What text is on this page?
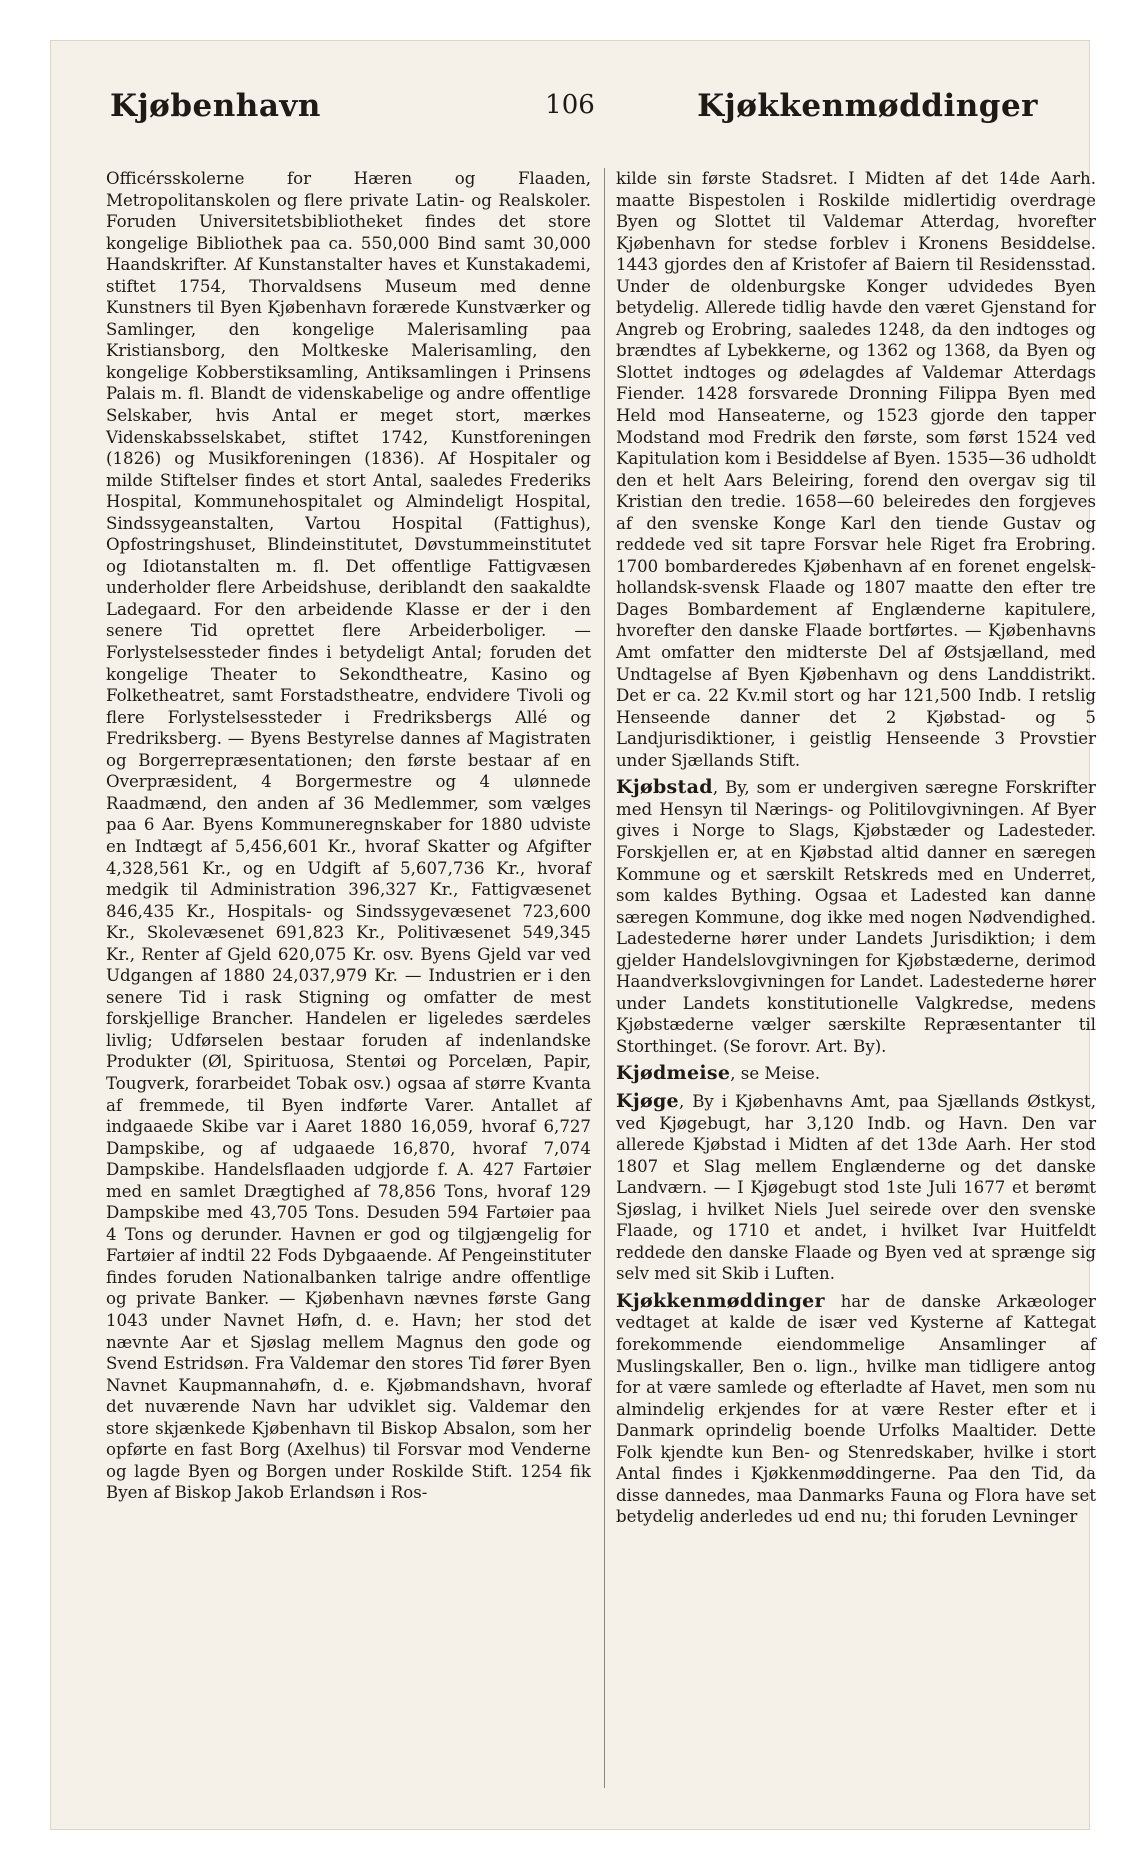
Kjøbenhavn	106	Kjøkkenmøddinger

Officérsskolerne for Hæren og Flaaden, Metropolitanskolen og flere private Latin- og Realskoler. Foruden Universitetsbibliotheket findes det store kongelige Bibliothek paa ca. 550,000 Bind samt 30,000 Haandskrifter. Af Kunstanstalter haves et Kunstakademi, stiftet 1754, Thorvaldsens Museum med denne Kunstners til Byen Kjøbenhavn forærede Kunstværker og Samlinger, den kongelige Malerisamling paa Kristiansborg, den Moltkeske Malerisamling, den kongelige Kobberstiksamling, Antiksamlingen i Prinsens Palais m. fl. Blandt de videnskabelige og andre offentlige Selskaber, hvis Antal er meget stort, mærkes Videnskabsselskabet, stiftet 1742, Kunstforeningen (1826) og Musikforeningen (1836). Af Hospitaler og milde Stiftelser findes et stort Antal, saaledes Frederiks Hospital, Kommunehospitalet og Almindeligt Hospital, Sindssygeanstalten, Vartou Hospital (Fattighus), Opfostringshuset, Blindeinstitutet, Døvstummeinstitutet og Idiotanstalten m. fl. Det offentlige Fattigvæsen underholder flere Arbeidshuse, deriblandt den saakaldte Ladegaard. For den arbeidende Klasse er der i den senere Tid oprettet flere Arbeiderboliger. — Forlystelsessteder findes i betydeligt Antal; foruden det kongelige Theater to Sekondtheatre, Kasino og Folketheatret, samt Forstadstheatre, endvidere Tivoli og flere Forlystelsessteder i Fredriksbergs Allé og Fredriksberg. — Byens Bestyrelse dannes af Magistraten og Borgerrepræsentationen; den første bestaar af en Overpræsident, 4 Borgermestre og 4 ulønnede Raadmænd, den anden af 36 Medlemmer, som vælges paa 6 Aar. Byens Kommuneregnskaber for 1880 udviste en Indtægt af 5,456,601 Kr., hvoraf Skatter og Afgifter 4,328,561 Kr., og en Udgift af 5,607,736 Kr., hvoraf medgik til Administration 396,327 Kr., Fattigvæsenet 846,435 Kr., Hospitals- og Sindssygevæsenet 723,600 Kr., Skolevæsenet 691,823 Kr., Politivæsenet 549,345 Kr., Renter af Gjeld 620,075 Kr. osv. Byens Gjeld var ved Udgangen af 1880 24,037,979 Kr. — Industrien er i den senere Tid i rask Stigning og omfatter de mest forskjellige Brancher. Handelen er ligeledes særdeles livlig; Udførselen bestaar foruden af indenlandske Produkter (Øl, Spirituosa, Stentøi og Porcelæn, Papir, Tougverk, forarbeidet Tobak osv.) ogsaa af større Kvanta af fremmede, til Byen indførte Varer. Antallet af indgaaede Skibe var i Aaret 1880 16,059, hvoraf 6,727 Dampskibe, og af udgaaede 16,870, hvoraf 7,074 Dampskibe. Handelsflaaden udgjorde f. A. 427 Fartøier med en samlet Drægtighed af 78,856 Tons, hvoraf 129 Dampskibe med 43,705 Tons. Desuden 594 Fartøier paa 4 Tons og derunder. Havnen er god og tilgjængelig for Fartøier af indtil 22 Fods Dybgaaende. Af Pengeinstituter findes foruden Nationalbanken talrige andre offentlige og private Banker. — Kjøbenhavn nævnes første Gang 1043 under Navnet Høfn, d. e. Havn; her stod det nævnte Aar et Sjøslag mellem Magnus den gode og Svend Estridsøn. Fra Valdemar den stores Tid fører Byen Navnet Kaupmannahøfn, d. e. Kjøbmandshavn, hvoraf det nuværende Navn har udviklet sig. Valdemar den store skjænkede Kjøbenhavn til Biskop Absalon, som her opførte en fast Borg (Axelhus) til Forsvar mod Venderne og lagde Byen og Borgen under Roskilde Stift. 1254 fik Byen af Biskop Jakob Erlandsøn i Ros-

kilde sin første Stadsret. I Midten af det 14de Aarh. maatte Bispestolen i Roskilde midlertidig overdrage Byen og Slottet til Valdemar Atterdag, hvorefter Kjøbenhavn for stedse forblev i Kronens Besiddelse. 1443 gjordes den af Kristofer af Baiern til Residensstad. Under de oldenburgske Konger udvidedes Byen betydelig. Allerede tidlig havde den været Gjenstand for Angreb og Erobring, saaledes 1248, da den indtoges og brændtes af Lybekkerne, og 1362 og 1368, da Byen og Slottet indtoges og ødelagdes af Valdemar Atterdags Fiender. 1428 forsvarede Dronning Filippa Byen med Held mod Hanseaterne, og 1523 gjorde den tapper Modstand mod Fredrik den første, som først 1524 ved Kapitulation kom i Besiddelse af Byen. 1535—36 udholdt den et helt Aars Beleiring, forend den overgav sig til Kristian den tredie. 1658—60 beleiredes den forgjeves af den svenske Konge Karl den tiende Gustav og reddede ved sit tapre Forsvar hele Riget fra Erobring. 1700 bombarderedes Kjøbenhavn af en forenet engelsk-hollandsk-svensk Flaade og 1807 maatte den efter tre Dages Bombardement af Englænderne kapitulere, hvorefter den danske Flaade bortførtes. — Kjøbenhavns Amt omfatter den midterste Del af Østsjælland, med Undtagelse af Byen Kjøbenhavn og dens Landdistrikt. Det er ca. 22 Kv.mil stort og har 121,500 Indb. I retslig Henseende danner det 2 Kjøbstad- og 5 Landjurisdiktioner, i geistlig Henseende 3 Provstier under Sjællands Stift.

Kjøbstad, By, som er undergiven særegne Forskrifter med Hensyn til Nærings- og Politilovgivningen. Af Byer gives i Norge to Slags, Kjøbstæder og Ladesteder. Forskjellen er, at en Kjøbstad altid danner en særegen Kommune og et særskilt Retskreds med en Underret, som kaldes Bything. Ogsaa et Ladested kan danne særegen Kommune, dog ikke med nogen Nødvendighed. Ladestederne hører under Landets Jurisdiktion; i dem gjelder Handelslovgivningen for Kjøbstæderne, derimod Haandverkslovgivningen for Landet. Ladestederne hører under Landets konstitutionelle Valgkredse, medens Kjøbstæderne vælger særskilte Repræsentanter til Storthinget. (Se forovr. Art. By).

Kjødmeise, se Meise.

Kjøge, By i Kjøbenhavns Amt, paa Sjællands Østkyst, ved Kjøgebugt, har 3,120 Indb. og Havn. Den var allerede Kjøbstad i Midten af det 13de Aarh. Her stod 1807 et Slag mellem Englænderne og det danske Landværn. — I Kjøgebugt stod 1ste Juli 1677 et berømt Sjøslag, i hvilket Niels Juel seirede over den svenske Flaade, og 1710 et andet, i hvilket Ivar Huitfeldt reddede den danske Flaade og Byen ved at sprænge sig selv med sit Skib i Luften.

Kjøkkenmøddinger har de danske Arkæologer vedtaget at kalde de især ved Kysterne af Kattegat forekommende eiendommelige Ansamlinger af Muslingskaller, Ben o. lign., hvilke man tidligere antog for at være samlede og efterladte af Havet, men som nu almindelig erkjendes for at være Rester efter et i Danmark oprindelig boende Urfolks Maaltider. Dette Folk kjendte kun Ben- og Stenredskaber, hvilke i stort Antal findes i Kjøkkenmøddingerne. Paa den Tid, da disse dannedes, maa Danmarks Fauna og Flora have set betydelig anderledes ud end nu; thi foruden Levninger
